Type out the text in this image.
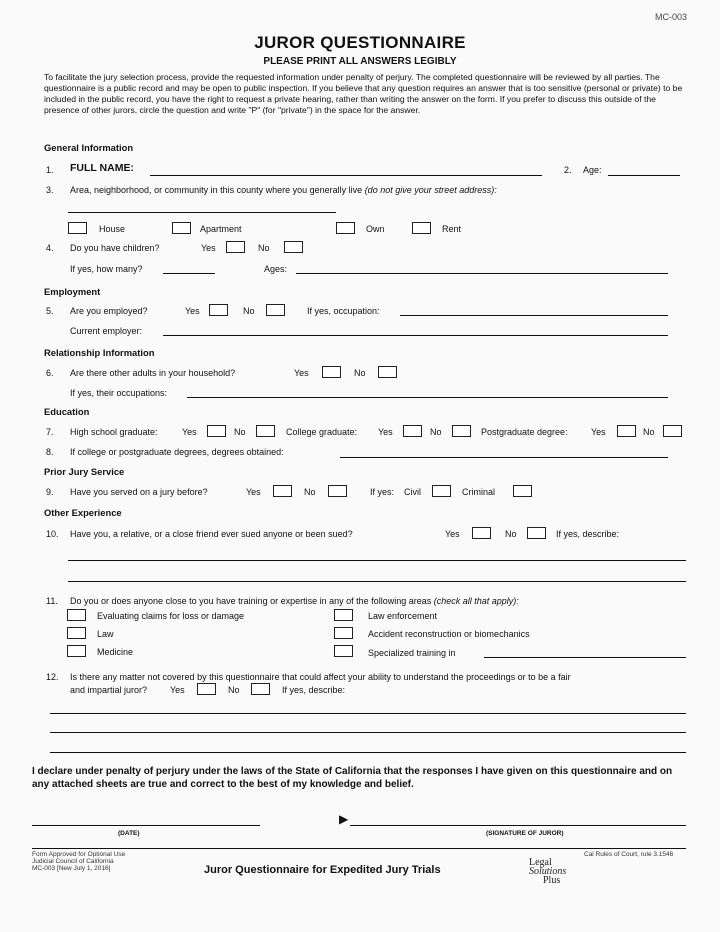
MC-003
JUROR QUESTIONNAIRE
PLEASE PRINT ALL ANSWERS LEGIBLY
To facilitate the jury selection process, provide the requested information under penalty of perjury. The completed questionnaire will be reviewed by all parties. The questionnaire is a public record and may be open to public inspection. If you believe that any question requires an answer that is too sensitive (personal or private) to be included in the public record, you have the right to request a private hearing, rather than writing the answer on the form. If you prefer to discuss this outside of the presence of other jurors, circle the question and write "P" (for "private") in the space for the answer.
General Information
1. FULL NAME:	2. Age:
3. Area, neighborhood, or community in this county where you generally live (do not give your street address):
House	Apartment	Own	Rent
4. Do you have children?	Yes	No
If yes, how many?	Ages:
Employment
5. Are you employed?	Yes	No	If yes, occupation:
Current employer:
Relationship Information
6. Are there other adults in your household?	Yes	No
If yes, their occupations:
Education
7. High school graduate:	Yes	No	College graduate: Yes	No	Postgraduate degree:	Yes	No
8. If college or postgraduate degrees, degrees obtained:
Prior Jury Service
9. Have you served on a jury before?	Yes	No	If yes: Civil	Criminal
Other Experience
10. Have you, a relative, or a close friend ever sued anyone or been sued?	Yes	No	If yes, describe:
11. Do you or does anyone close to you have training or expertise in any of the following areas (check all that apply):
Evaluating claims for loss or damage
Law
Medicine
Law enforcement
Accident reconstruction or biomechanics
Specialized training in
12. Is there any matter not covered by this questionnaire that could affect your ability to understand the proceedings or to be a fair
and impartial juror?	Yes	No	If yes, describe:
I declare under penalty of perjury under the laws of the State of California that the responses I have given on this questionnaire and on any attached sheets are true and correct to the best of my knowledge and belief.
(DATE)
▶
(SIGNATURE OF JUROR)
Form Approved for Optional Use
Judicial Council of California
MC-003 [New July 1, 2016]	Juror Questionnaire for Expedited Jury Trials
Cal Rules of Court, rule 3.1546
Legal
Solutions
Plus
